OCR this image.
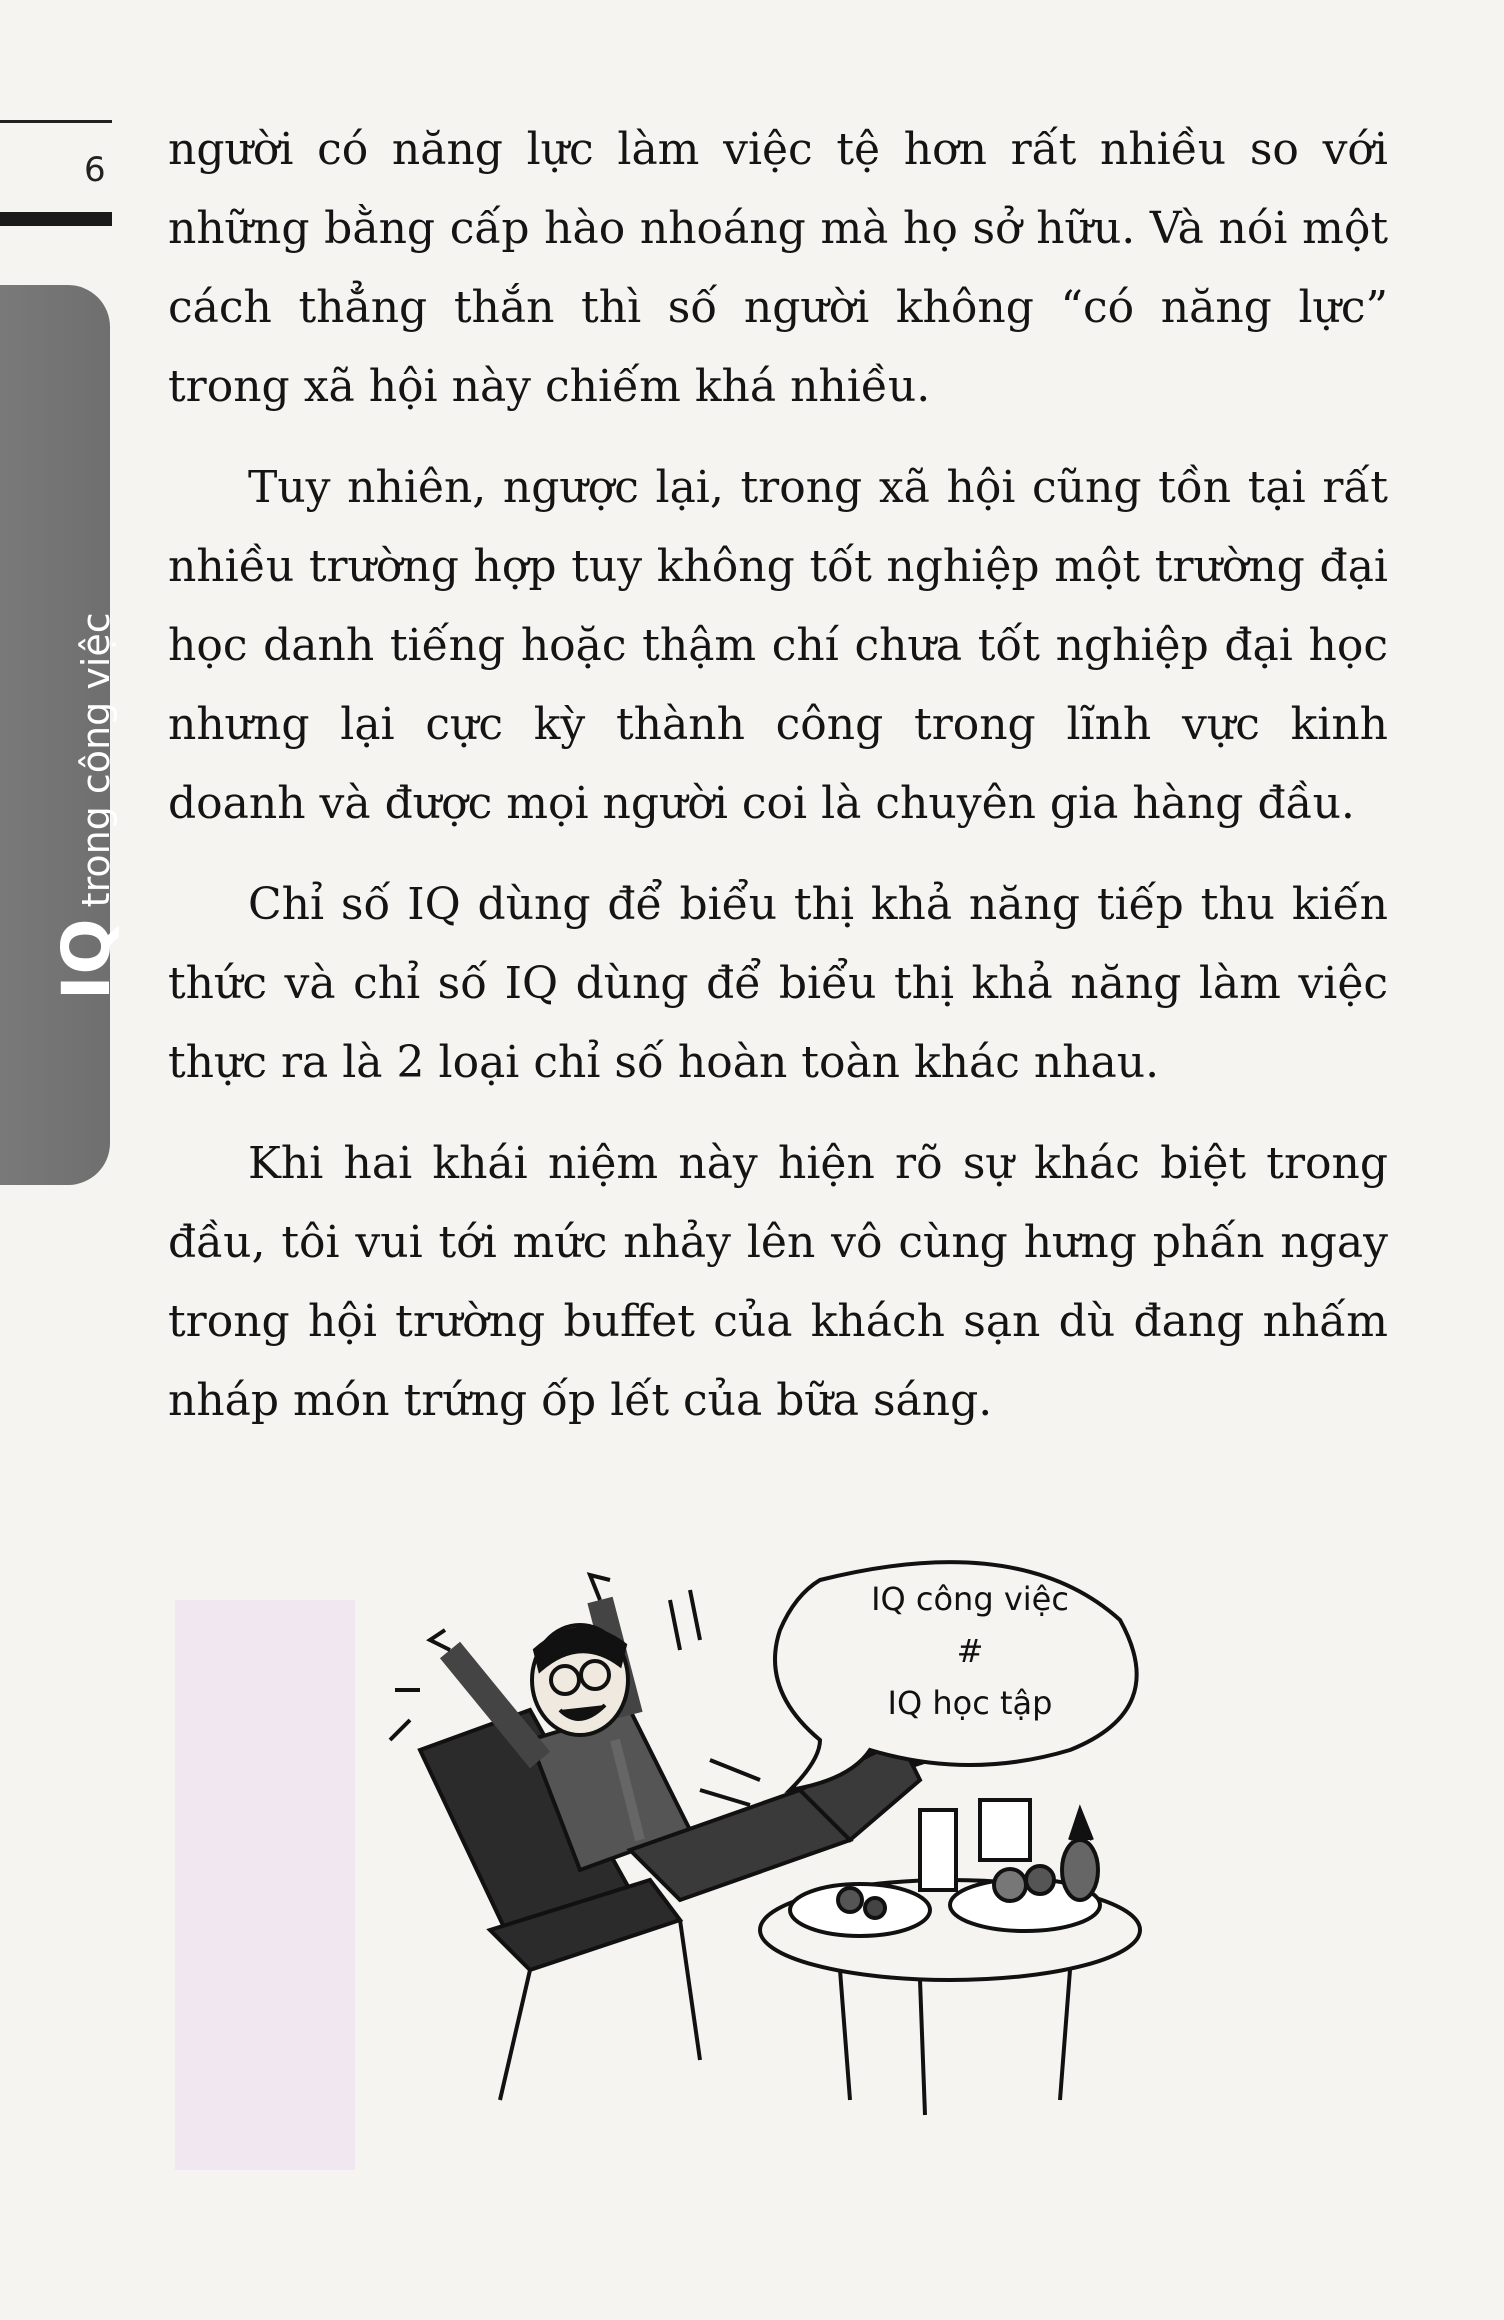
6
IQtrong công việc

người có năng lực làm việc tệ hơn rất nhiều so với những bằng cấp hào nhoáng mà họ sở hữu. Và nói một cách thẳng thắn thì số người không “có năng lực” trong xã hội này chiếm khá nhiều.

Tuy nhiên, ngược lại, trong xã hội cũng tồn tại rất nhiều trường hợp tuy không tốt nghiệp một trường đại học danh tiếng hoặc thậm chí chưa tốt nghiệp đại học nhưng lại cực kỳ thành công trong lĩnh vực kinh doanh và được mọi người coi là chuyên gia hàng đầu.

Chỉ số IQ dùng để biểu thị khả năng tiếp thu kiến thức và chỉ số IQ dùng để biểu thị khả năng làm việc thực ra là 2 loại chỉ số hoàn toàn khác nhau.

Khi hai khái niệm này hiện rõ sự khác biệt trong đầu, tôi vui tới mức nhảy lên vô cùng hưng phấn ngay trong hội trường buffet của khách sạn dù đang nhấm nháp món trứng ốp lết của bữa sáng.

IQ công việc
#
IQ học tập
